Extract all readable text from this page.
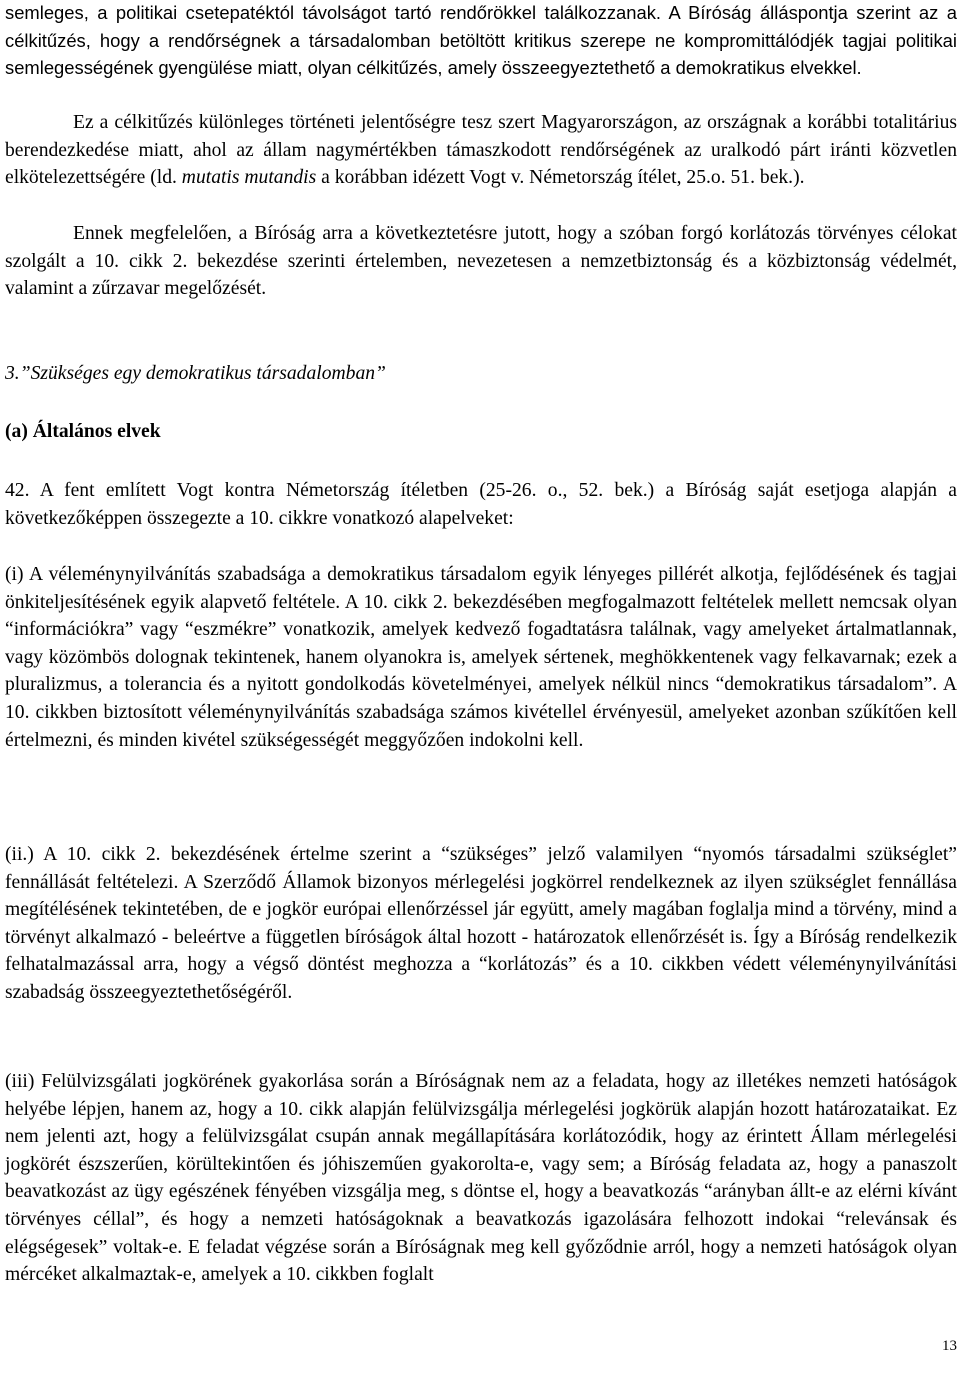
semleges, a politikai csetepatéktól távolságot tartó rendőrökkel találkozzanak. A Bíróság álláspontja szerint az a célkitűzés, hogy a rendőrségnek a társadalomban betöltött kritikus szerepe ne kompromittálódjék tagjai politikai semlegességének gyengülése miatt, olyan célkitűzés, amely összeegyeztethető a demokratikus elvekkel.

Ez a célkitűzés különleges történeti jelentőségre tesz szert Magyarországon, az országnak a korábbi totalitárius berendezkedése miatt, ahol az állam nagymértékben támaszkodott rendőrségének az uralkodó párt iránti közvetlen elkötelezettségére (ld. mutatis mutandis a korábban idézett Vogt v. Németország ítélet, 25.o. 51. bek.).

Ennek megfelelően, a Bíróság arra a következtetésre jutott, hogy a szóban forgó korlátozás törvényes célokat szolgált a 10. cikk 2. bekezdése szerinti értelemben, nevezetesen a nemzetbiztonság és a közbiztonság védelmét, valamint a zűrzavar megelőzését.

3.”Szükséges egy demokratikus társadalomban”

(a) Általános elvek

42. A fent említett Vogt kontra Németország ítéletben (25-26. o., 52. bek.) a Bíróság saját esetjoga alapján a következőképpen összegezte a 10. cikkre vonatkozó alapelveket:

(i) A véleménynyilvánítás szabadsága a demokratikus társadalom egyik lényeges pillérét alkotja, fejlődésének és tagjai önkiteljesítésének egyik alapvető feltétele. A 10. cikk 2. bekezdésében megfogalmazott feltételek mellett nemcsak olyan “információkra” vagy “eszmékre” vonatkozik, amelyek kedvező fogadtatásra találnak, vagy amelyeket ártalmatlannak, vagy közömbös dolognak tekintenek, hanem olyanokra is, amelyek sértenek, meghökkentenek vagy felkavarnak; ezek a pluralizmus, a tolerancia és a nyitott gondolkodás követelményei, amelyek nélkül nincs “demokratikus társadalom”. A 10. cikkben biztosított véleménynyilvánítás szabadsága számos kivétellel érvényesül, amelyeket azonban szűkítően kell értelmezni, és minden kivétel szükségességét meggyőzően indokolni kell.

(ii.) A 10. cikk 2. bekezdésének értelme szerint a “szükséges” jelző valamilyen “nyomós társadalmi szükséglet” fennállását feltételezi. A Szerződő Államok bizonyos mérlegelési jogkörrel rendelkeznek az ilyen szükséglet fennállása megítélésének tekintetében, de e jogkör európai ellenőrzéssel jár együtt, amely magában foglalja mind a törvény, mind a törvényt alkalmazó - beleértve a független bíróságok által hozott - határozatok ellenőrzését is. Így a Bíróság rendelkezik felhatalmazással arra, hogy a végső döntést meghozza a “korlátozás” és a 10. cikkben védett véleménynyilvánítási szabadság összeegyeztethetőségéről.

(iii) Felülvizsgálati jogkörének gyakorlása során a Bíróságnak nem az a feladata, hogy az illetékes nemzeti hatóságok helyébe lépjen, hanem az, hogy a 10. cikk alapján felülvizsgálja mérlegelési jogkörük alapján hozott határozataikat. Ez nem jelenti azt, hogy a felülvizsgálat csupán annak megállapítására korlátozódik, hogy az érintett Állam mérlegelési jogkörét észszerűen, körültekintően és jóhiszeműen gyakorolta-e, vagy sem; a Bíróság feladata az, hogy a panaszolt beavatkozást az ügy egészének fényében vizsgálja meg, s döntse el, hogy a beavatkozás “arányban állt-e az elérni kívánt törvényes céllal”, és hogy a nemzeti hatóságoknak a beavatkozás igazolására felhozott indokai “relevánsak és elégségesek” voltak-e. E feladat végzése során a Bíróságnak meg kell győződnie arról, hogy a nemzeti hatóságok olyan mércéket alkalmaztak-e, amelyek a 10. cikkben foglalt

13
